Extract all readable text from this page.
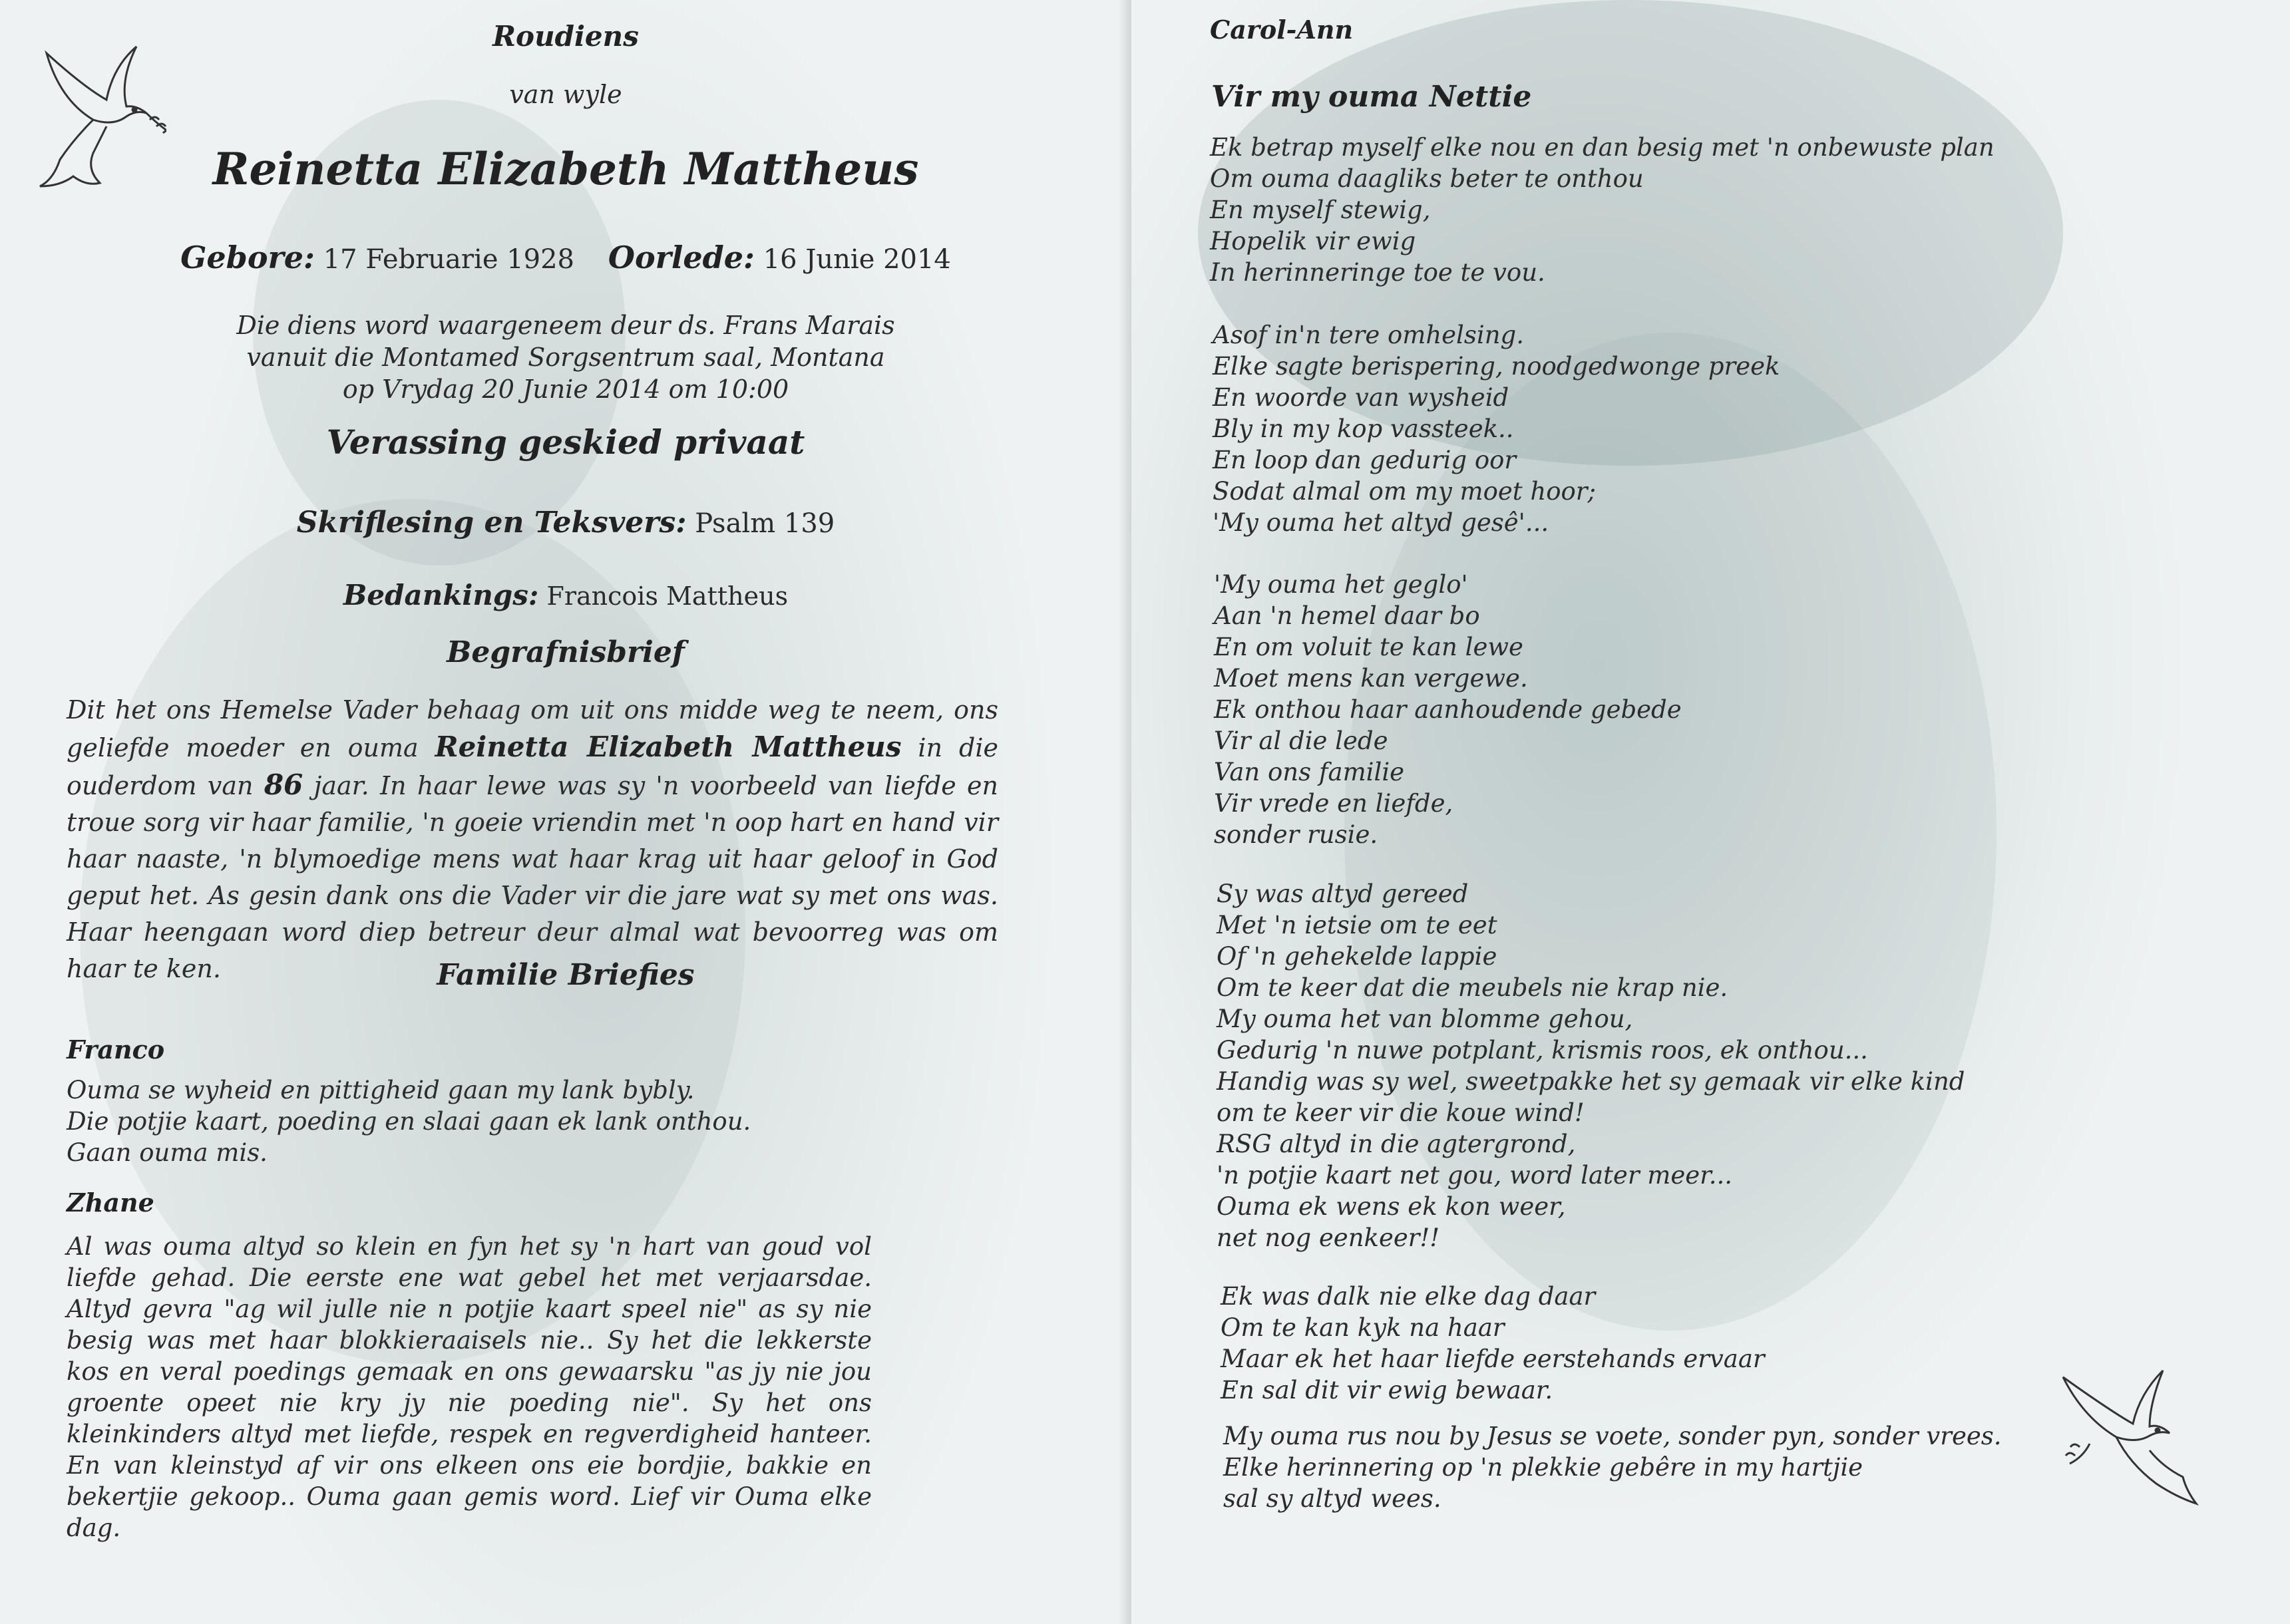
Roudiens
van wyle
Reinetta Elizabeth Mattheus
Gebore: 17 Februarie 1928 Oorlede: 16 Junie 2014
Die diens word waargeneem deur ds. Frans Marais
vanuit die Montamed Sorgsentrum saal, Montana
op Vrydag 20 Junie 2014 om 10:00
Verassing geskied privaat
Skriflesing en Teksvers: Psalm 139
Bedankings: Francois Mattheus
Begrafnisbrief
Dit het ons Hemelse Vader behaag om uit ons midde weg te neem, ons geliefde moeder en ouma Reinetta Elizabeth Mattheus in die ouderdom van 86 jaar. In haar lewe was sy 'n voorbeeld van liefde en troue sorg vir haar familie, 'n goeie vriendin met 'n oop hart en hand vir haar naaste, 'n blymoedige mens wat haar krag uit haar geloof in God geput het. As gesin dank ons die Vader vir die jare wat sy met ons was. Haar heengaan word diep betreur deur almal wat bevoorreg was om haar te ken.	Familie Briefies
Franco
Ouma se wyheid en pittigheid gaan my lank bybly.
Die potjie kaart, poeding en slaai gaan ek lank onthou.
Gaan ouma mis.
Zhane
Al was ouma altyd so klein en fyn het sy 'n hart van goud vol liefde gehad. Die eerste ene wat gebel het met verjaarsdae. Altyd gevra "ag wil julle nie n potjie kaart speel nie" as sy nie besig was met haar blokkieraaisels nie.. Sy het die lekkerste kos en veral poedings gemaak en ons gewaarsku "as jy nie jou groente opeet nie kry jy nie poeding nie". Sy het ons kleinkinders altyd met liefde, respek en regverdigheid hanteer. En van kleinstyd af vir ons elkeen ons eie bordjie, bakkie en bekertjie gekoop.. Ouma gaan gemis word. Lief vir Ouma elke dag.
Carol-Ann
Vir my ouma Nettie
Ek betrap myself elke nou en dan besig met 'n onbewuste plan
Om ouma daagliks beter te onthou
En myself stewig,
Hopelik vir ewig
In herinneringe toe te vou.
Asof in'n tere omhelsing.
Elke sagte berispering, noodgedwonge preek
En woorde van wysheid
Bly in my kop vassteek..
En loop dan gedurig oor
Sodat almal om my moet hoor;
'My ouma het altyd gesê'...
'My ouma het geglo'
Aan 'n hemel daar bo
En om voluit te kan lewe
Moet mens kan vergewe.
Ek onthou haar aanhoudende gebede
Vir al die lede
Van ons familie
Vir vrede en liefde,
sonder rusie.
Sy was altyd gereed
Met 'n ietsie om te eet
Of 'n gehekelde lappie
Om te keer dat die meubels nie krap nie.
My ouma het van blomme gehou,
Gedurig 'n nuwe potplant, krismis roos, ek onthou...
Handig was sy wel, sweetpakke het sy gemaak vir elke kind
om te keer vir die koue wind!
RSG altyd in die agtergrond,
'n potjie kaart net gou, word later meer...
Ouma ek wens ek kon weer,
net nog eenkeer!!
Ek was dalk nie elke dag daar
Om te kan kyk na haar
Maar ek het haar liefde eerstehands ervaar
En sal dit vir ewig bewaar.
My ouma rus nou by Jesus se voete, sonder pyn, sonder vrees.
Elke herinnering op 'n plekkie gebêre in my hartjie
sal sy altyd wees.
